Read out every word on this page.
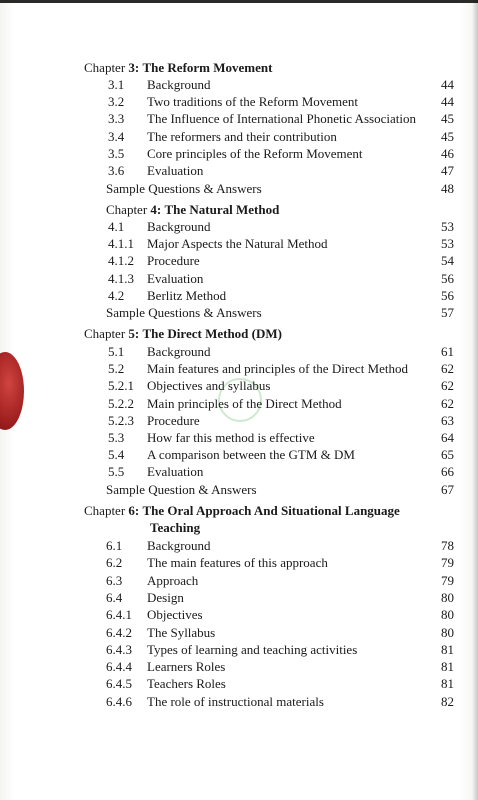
Chapter 3: The Reform Movement
Chapter 4: The Natural Method
Chapter 5: The Direct Method (DM)
Chapter 6: The Oral Approach And Situational Language
Teaching
3.1 Background	44
3.2 Two traditions of the Reform Movement	44
3.3 The Influence of International Phonetic Association	45
3.4 The reformers and their contribution	45
3.5 Core principles of the Reform Movement	46
3.6 Evaluation	47
Sample Questions & Answers	48
4.1 Background	53
4.1.1 Major Aspects the Natural Method	53
4.1.2 Procedure	54
4.1.3 Evaluation	56
4.2 Berlitz Method	56
Sample Questions & Answers	57
5.1 Background	61
5.2 Main features and principles of the Direct Method	62
5.2.1 Objectives and syllabus	62
5.2.2 Main principles of the Direct Method	62
5.2.3 Procedure	63
5.3 How far this method is effective	64
5.4 A comparison between the GTM & DM	65
5.5 Evaluation	66
Sample Question & Answers	67
6.1 Background	78
6.2 The main features of this approach	79
6.3 Approach	79
6.4 Design	80
6.4.1 Objectives	80
6.4.2 The Syllabus	80
6.4.3 Types of learning and teaching activities	81
6.4.4 Learners Roles	81
6.4.5 Teachers Roles	81
6.4.6 The role of instructional materials	82
